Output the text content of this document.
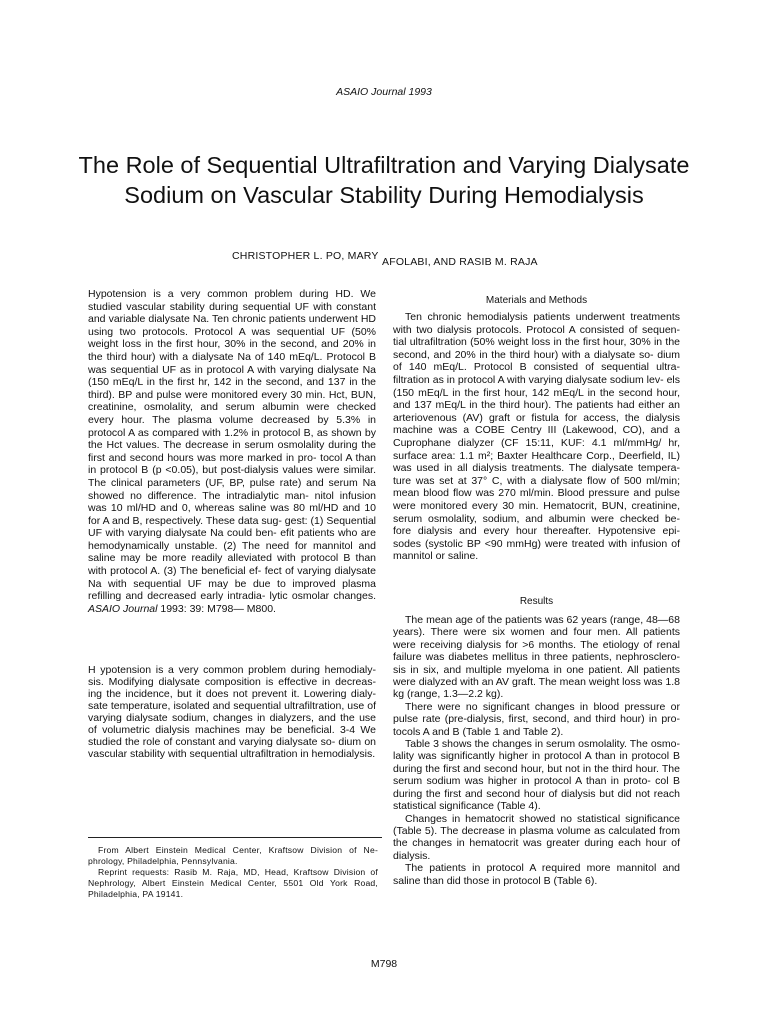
ASAIO Journal 1993
The Role of Sequential Ultrafiltration and Varying Dialysate Sodium on Vascular Stability During Hemodialysis
CHRISTOPHER L. PO, MARY AFOLABI, AND RASIB M. RAJA

Hypotension is a very common problem during HD. We studied vascular stability during sequential UF with constant and variable dialysate Na. Ten chronic patients underwent HD using two protocols. Protocol A was sequential UF (50% weight loss in the first hour, 30% in the second, and 20% in the third hour) with a dialysate Na of 140 mEq/L. Protocol B was sequential UF as in protocol A with varying dialysate Na (150 mEq/L in the first hr, 142 in the second, and 137 in the third). BP and pulse were monitored every 30 min. Hct, BUN, creatinine, osmolality, and serum albumin were checked every hour. The plasma volume decreased by 5.3% in protocol A as compared with 1.2% in protocol B, as shown by the Hct values. The decrease in serum osmolality during the first and second hours was more marked in pro- tocol A than in protocol B (p <0.05), but post-dialysis values were similar. The clinical parameters (UF, BP, pulse rate) and serum Na showed no difference. The intradialytic man- nitol infusion was 10 ml/HD and 0, whereas saline was 80 ml/HD and 10 for A and B, respectively. These data sug- gest: (1) Sequential UF with varying dialysate Na could ben- efit patients who are hemodynamically unstable. (2) The need for mannitol and saline may be more readily alleviated with protocol B than with protocol A. (3) The beneficial ef- fect of varying dialysate Na with sequential UF may be due to improved plasma refilling and decreased early intradia- lytic osmolar changes. ASAIO Journal 1993: 39: M798— M800.

H ypotension is a very common problem during hemodialy- sis. Modifying dialysate composition is effective in decreas- ing the incidence, but it does not prevent it. Lowering dialy- sate temperature, isolated and sequential ultrafiltration, use of varying dialysate sodium, changes in dialyzers, and the use of volumetric dialysis machines may be beneficial. 3-4 We studied the role of constant and varying dialysate so- dium on vascular stability with sequential ultrafiltration in hemodialysis.

From Albert Einstein Medical Center, Kraftsow Division of Ne- phrology, Philadelphia, Pennsylvania.

Reprint requests: Rasib M. Raja, MD, Head, Kraftsow Division of Nephrology, Albert Einstein Medical Center, 5501 Old York Road, Philadelphia, PA 19141.

Materials and Methods

Ten chronic hemodialysis patients underwent treatments with two dialysis protocols. Protocol A consisted of sequen- tial ultrafiltration (50% weight loss in the first hour, 30% in the second, and 20% in the third hour) with a dialysate so- dium of 140 mEq/L. Protocol B consisted of sequential ultra- filtration as in protocol A with varying dialysate sodium lev- els (150 mEq/L in the first hour, 142 mEq/L in the second hour, and 137 mEq/L in the third hour). The patients had either an arteriovenous (AV) graft or fistula for access, the dialysis machine was a COBE Centry III (Lakewood, CO), and a Cuprophane dialyzer (CF 15:11, KUF: 4.1 ml/mmHg/ hr, surface area: 1.1 m²; Baxter Healthcare Corp., Deerfield, IL) was used in all dialysis treatments. The dialysate tempera- ture was set at 37° C, with a dialysate flow of 500 ml/min; mean blood flow was 270 ml/min. Blood pressure and pulse were monitored every 30 min. Hematocrit, BUN, creatinine, serum osmolality, sodium, and albumin were checked be- fore dialysis and every hour thereafter. Hypotensive epi- sodes (systolic BP <90 mmHg) were treated with infusion of mannitol or saline.

Results

The mean age of the patients was 62 years (range, 48—68 years). There were six women and four men. All patients were receiving dialysis for >6 months. The etiology of renal failure was diabetes mellitus in three patients, nephrosclero- sis in six, and multiple myeloma in one patient. All patients were dialyzed with an AV graft. The mean weight loss was 1.8 kg (range, 1.3—2.2 kg).

There were no significant changes in blood pressure or pulse rate (pre-dialysis, first, second, and third hour) in pro- tocols A and B (Table 1 and Table 2).

Table 3 shows the changes in serum osmolality. The osmo- lality was significantly higher in protocol A than in protocol B during the first and second hour, but not in the third hour. The serum sodium was higher in protocol A than in proto- col B during the first and second hour of dialysis but did not reach statistical significance (Table 4).

Changes in hematocrit showed no statistical significance (Table 5). The decrease in plasma volume as calculated from the changes in hematocrit was greater during each hour of dialysis.

The patients in protocol A required more mannitol and saline than did those in protocol B (Table 6).

M798
